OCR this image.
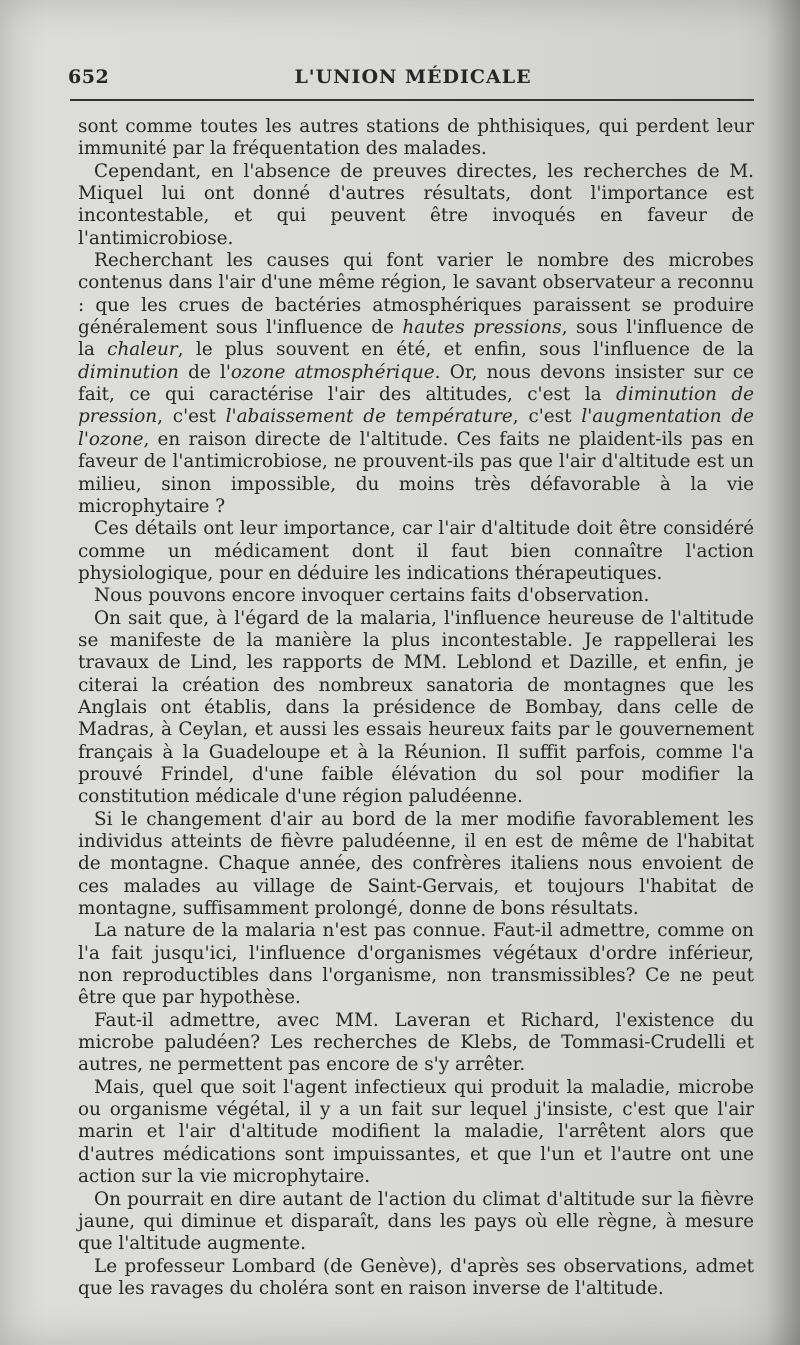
652	L'UNION MÉDICALE

sont comme toutes les autres stations de phthisiques, qui perdent leur immunité par la fréquentation des malades.

Cependant, en l'absence de preuves directes, les recherches de M. Miquel lui ont donné d'autres résultats, dont l'importance est incontestable, et qui peuvent être invoqués en faveur de l'antimicrobiose.

Recherchant les causes qui font varier le nombre des microbes contenus dans l'air d'une même région, le savant observateur a reconnu : que les crues de bactéries atmosphériques paraissent se produire généralement sous l'influence de hautes pressions, sous l'influence de la chaleur, le plus souvent en été, et enfin, sous l'influence de la diminution de l'ozone atmosphérique. Or, nous devons insister sur ce fait, ce qui caractérise l'air des altitudes, c'est la diminution de pression, c'est l'abaissement de température, c'est l'augmentation de l'ozone, en raison directe de l'altitude. Ces faits ne plaident-ils pas en faveur de l'antimicrobiose, ne prouvent-ils pas que l'air d'altitude est un milieu, sinon impossible, du moins très défavorable à la vie microphytaire ?

Ces détails ont leur importance, car l'air d'altitude doit être considéré comme un médicament dont il faut bien connaître l'action physiologique, pour en déduire les indications thérapeutiques.

Nous pouvons encore invoquer certains faits d'observation.

On sait que, à l'égard de la malaria, l'influence heureuse de l'altitude se manifeste de la manière la plus incontestable. Je rappellerai les travaux de Lind, les rapports de MM. Leblond et Dazille, et enfin, je citerai la création des nombreux sanatoria de montagnes que les Anglais ont établis, dans la présidence de Bombay, dans celle de Madras, à Ceylan, et aussi les essais heureux faits par le gouvernement français à la Guadeloupe et à la Réunion. Il suffit parfois, comme l'a prouvé Frindel, d'une faible élévation du sol pour modifier la constitution médicale d'une région paludéenne.

Si le changement d'air au bord de la mer modifie favorablement les individus atteints de fièvre paludéenne, il en est de même de l'habitat de montagne. Chaque année, des confrères italiens nous envoient de ces malades au village de Saint-Gervais, et toujours l'habitat de montagne, suffisamment prolongé, donne de bons résultats.

La nature de la malaria n'est pas connue. Faut-il admettre, comme on l'a fait jusqu'ici, l'influence d'organismes végétaux d'ordre inférieur, non reproductibles dans l'organisme, non transmissibles? Ce ne peut être que par hypothèse.

Faut-il admettre, avec MM. Laveran et Richard, l'existence du microbe paludéen? Les recherches de Klebs, de Tommasi-Crudelli et autres, ne permettent pas encore de s'y arrêter.

Mais, quel que soit l'agent infectieux qui produit la maladie, microbe ou organisme végétal, il y a un fait sur lequel j'insiste, c'est que l'air marin et l'air d'altitude modifient la maladie, l'arrêtent alors que d'autres médications sont impuissantes, et que l'un et l'autre ont une action sur la vie microphytaire.

On pourrait en dire autant de l'action du climat d'altitude sur la fièvre jaune, qui diminue et disparaît, dans les pays où elle règne, à mesure que l'altitude augmente.

Le professeur Lombard (de Genève), d'après ses observations, admet que les ravages du choléra sont en raison inverse de l'altitude.
